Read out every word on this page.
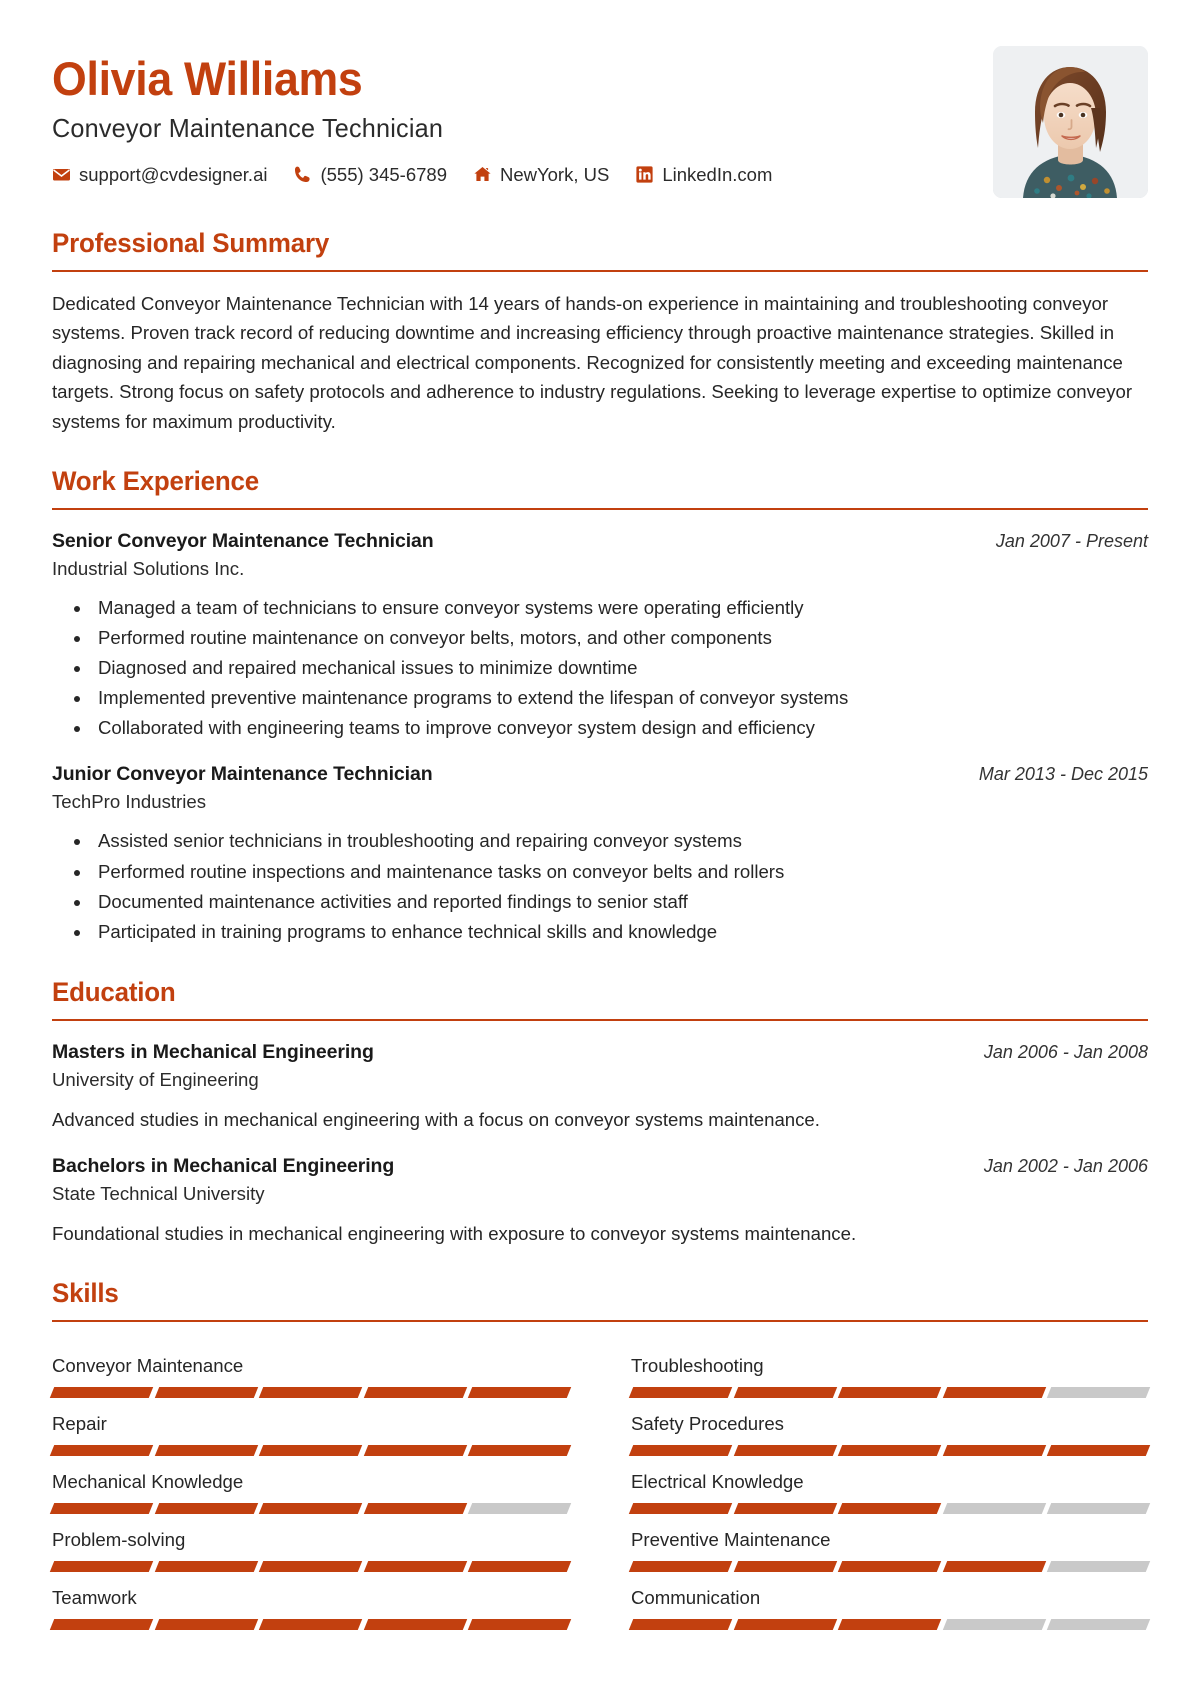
Olivia Williams
Conveyor Maintenance Technician
support@cvdesigner.ai	(555) 345-6789	NewYork, US	LinkedIn.com
Professional Summary

Dedicated Conveyor Maintenance Technician with 14 years of hands-on experience in maintaining and troubleshooting conveyor systems. Proven track record of reducing downtime and increasing efficiency through proactive maintenance strategies. Skilled in diagnosing and repairing mechanical and electrical components. Recognized for consistently meeting and exceeding maintenance targets. Strong focus on safety protocols and adherence to industry regulations. Seeking to leverage expertise to optimize conveyor systems for maximum productivity.

Work Experience
Senior Conveyor Maintenance Technician	Jan 2007 - Present
Industrial Solutions Inc.
• Managed a team of technicians to ensure conveyor systems were operating efficiently
• Performed routine maintenance on conveyor belts, motors, and other components
• Diagnosed and repaired mechanical issues to minimize downtime
• Implemented preventive maintenance programs to extend the lifespan of conveyor systems
• Collaborated with engineering teams to improve conveyor system design and efficiency
Junior Conveyor Maintenance Technician	Mar 2013 - Dec 2015
TechPro Industries
• Assisted senior technicians in troubleshooting and repairing conveyor systems
• Performed routine inspections and maintenance tasks on conveyor belts and rollers
• Documented maintenance activities and reported findings to senior staff
• Participated in training programs to enhance technical skills and knowledge
Education
Masters in Mechanical Engineering	Jan 2006 - Jan 2008
University of Engineering
Advanced studies in mechanical engineering with a focus on conveyor systems maintenance.
Bachelors in Mechanical Engineering	Jan 2002 - Jan 2006
State Technical University
Foundational studies in mechanical engineering with exposure to conveyor systems maintenance.
Skills
Conveyor Maintenance	Troubleshooting
Repair	Safety Procedures
Mechanical Knowledge	Electrical Knowledge
Problem-solving	Preventive Maintenance
Teamwork	Communication
